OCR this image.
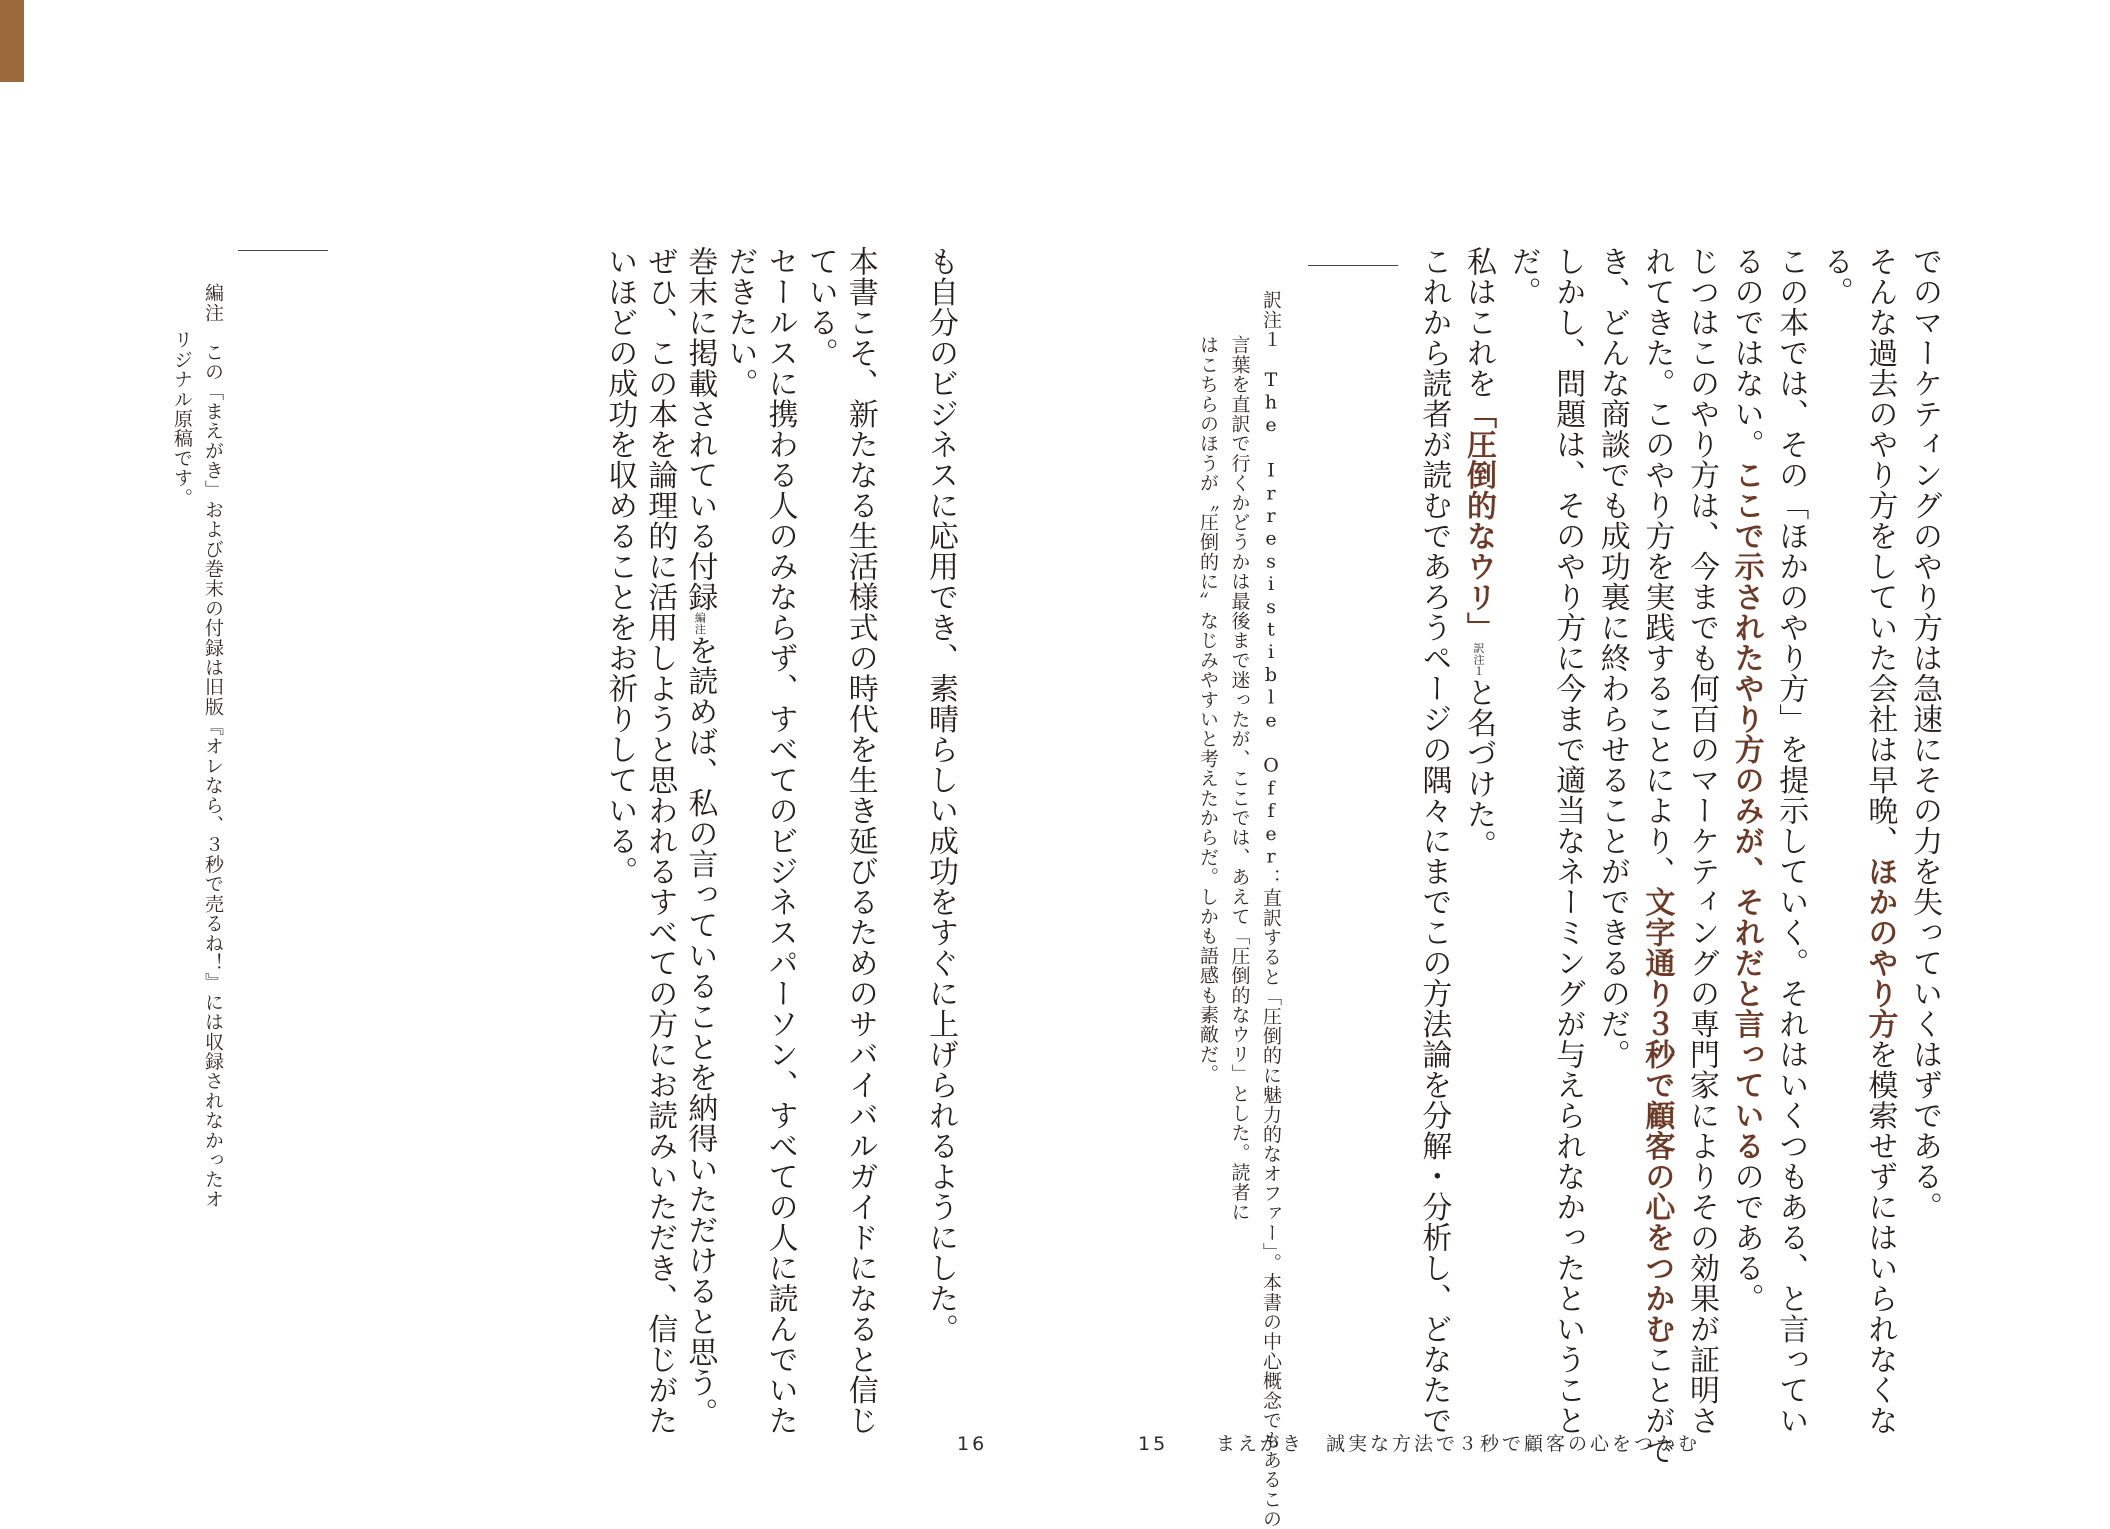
でのマーケティングのやり方は急速にその力を失っていくはずである。
そんな過去のやり方をしていた会社は早晩、ほかのやり方を模索せずにはいられなくな
る。
この本では、その「ほかのやり方」を提示していく。それはいくつもある、と言ってい
るのではない。ここで示されたやり方のみが、それだと言っているのである。
じつはこのやり方は、今までも何百のマーケティングの専門家によりその効果が証明さ
れてきた。このやり方を実践することにより、文字通り３秒で顧客の心をつかむことがで
き、どんな商談でも成功裏に終わらせることができるのだ。
しかし、問題は、そのやり方に今まで適当なネーミングが与えられなかったということ
だ。
私はこれを「圧倒的なウリ」訳注１と名づけた。
これから読者が読むであろうページの隅々にまでこの方法論を分解・分析し、どなたで
訳注１　The Irresistible Offer：直訳すると「圧倒的に魅力的なオファー」。本書の中心概念でもあるこの
言葉を直訳で行くかどうかは最後まで迷ったが、ここでは、あえて「圧倒的なウリ」とした。読者に
はこちらのほうが〝圧倒的に〟なじみやすいと考えたからだ。しかも語感も素敵だ。
も自分のビジネスに応用でき、素晴らしい成功をすぐに上げられるようにした。
本書こそ、新たなる生活様式の時代を生き延びるためのサバイバルガイドになると信じ
ている。
セールスに携わる人のみならず、すべてのビジネスパーソン、すべての人に読んでいた
だきたい。
巻末に掲載されている付録編注を読めば、私の言っていることを納得いただけると思う。
ぜひ、この本を論理的に活用しようと思われるすべての方にお読みいただき、信じがた
いほどの成功を収めることをお祈りしている。
編注　この「まえがき」および巻末の付録は旧版『オレなら、３秒で売るね！』には収録されなかったオ
リジナル原稿です。
16	15	まえがき　誠実な方法で３秒で顧客の心をつかむ
